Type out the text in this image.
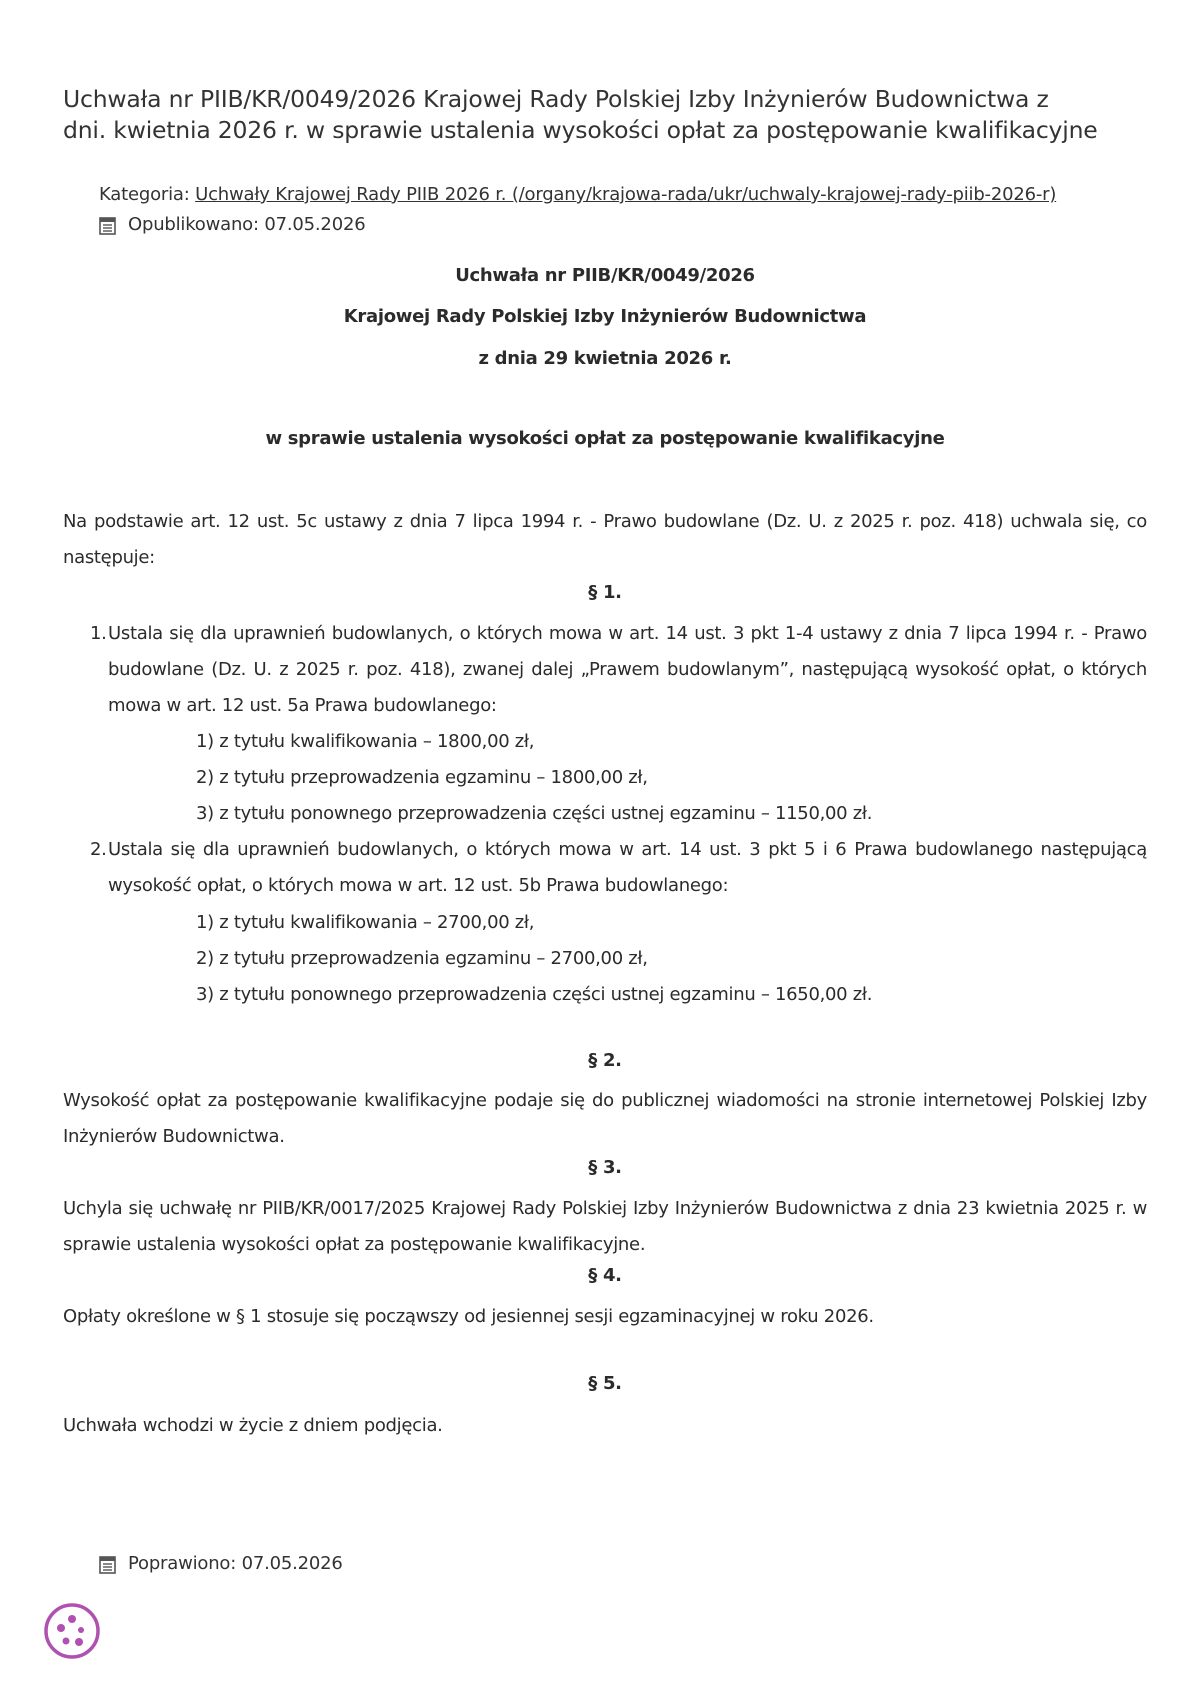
Uchwała nr PIIB/KR/0049/2026 Krajowej Rady Polskiej Izby Inżynierów Budownictwa z dni. kwietnia 2026 r. w sprawie ustalenia wysokości opłat za postępowanie kwalifikacyjne
Kategoria:
Uchwały Krajowej Rady PIIB 2026 r. (/organy/krajowa-rada/ukr/uchwaly-krajowej-rady-piib-2026-r)
Opublikowano: 07.05.2026
Uchwała nr PIIB/KR/0049/2026
Krajowej Rady Polskiej Izby Inżynierów Budownictwa
z dnia 29 kwietnia 2026 r.
w sprawie ustalenia wysokości opłat za postępowanie kwalifikacyjne
Na podstawie art. 12 ust. 5c ustawy z dnia 7 lipca 1994 r. - Prawo budowlane (Dz. U. z 2025 r. poz. 418) uchwala się, co następuje:
§ 1.
1. Ustala się dla uprawnień budowlanych, o których mowa w art. 14 ust. 3 pkt 1-4 ustawy z dnia 7 lipca 1994 r. - Prawo budowlane (Dz. U. z 2025 r. poz. 418), zwanej dalej „Prawem budowlanym”, następującą wysokość opłat, o których mowa w art. 12 ust. 5a Prawa budowlanego:
1) z tytułu kwalifikowania – 1800,00 zł,
2) z tytułu przeprowadzenia egzaminu – 1800,00 zł,
3) z tytułu ponownego przeprowadzenia części ustnej egzaminu – 1150,00 zł.
2. Ustala się dla uprawnień budowlanych, o których mowa w art. 14 ust. 3 pkt 5 i 6 Prawa budowlanego następującą wysokość opłat, o których mowa w art. 12 ust. 5b Prawa budowlanego:
1) z tytułu kwalifikowania – 2700,00 zł,
2) z tytułu przeprowadzenia egzaminu – 2700,00 zł,
3) z tytułu ponownego przeprowadzenia części ustnej egzaminu – 1650,00 zł.
§ 2.
Wysokość opłat za postępowanie kwalifikacyjne podaje się do publicznej wiadomości na stronie internetowej Polskiej Izby Inżynierów Budownictwa.
§ 3.
Uchyla się uchwałę nr PIIB/KR/0017/2025 Krajowej Rady Polskiej Izby Inżynierów Budownictwa z dnia 23 kwietnia 2025 r. w sprawie ustalenia wysokości opłat za postępowanie kwalifikacyjne.
§ 4.
Opłaty określone w § 1 stosuje się począwszy od jesiennej sesji egzaminacyjnej w roku 2026.
§ 5.
Uchwała wchodzi w życie z dniem podjęcia.
Poprawiono: 07.05.2026
